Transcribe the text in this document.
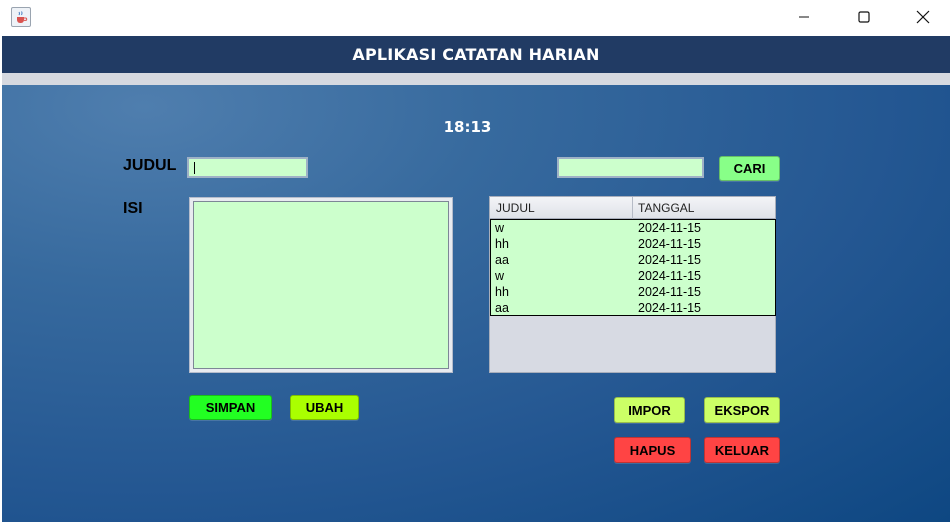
APLIKASI CATATAN HARIAN
18:13
JUDUL
ISI
CARI
JUDUL	TANGGAL
w	2024-11-15
hh	2024-11-15
aa	2024-11-15
w	2024-11-15
hh	2024-11-15
aa	2024-11-15
SIMPAN	UBAH	IMPOR	EKSPOR
HAPUS	KELUAR
